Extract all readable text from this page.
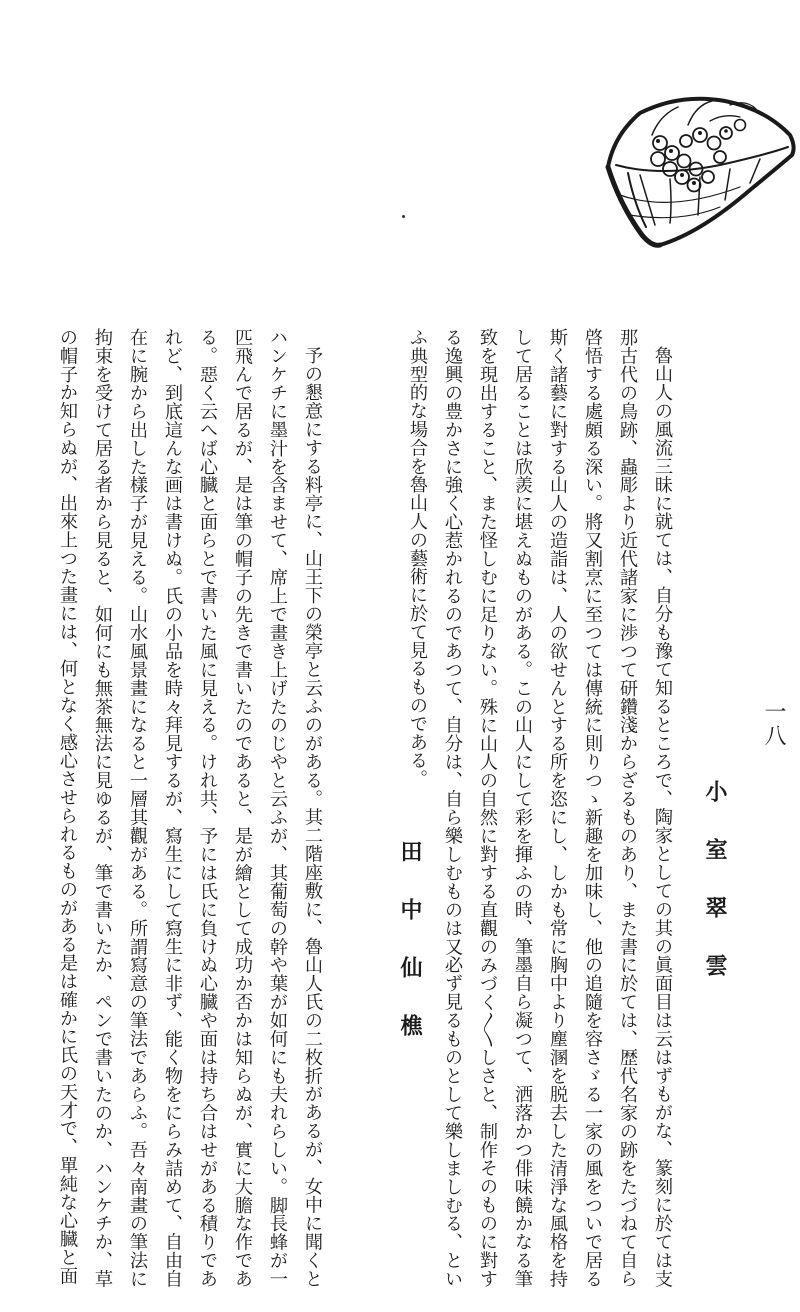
一八
小室翠雲

魯山人の風流三昧に就ては、自分も豫て知るところで、陶家としての其の眞面目は云はずもがな、篆刻に於ては支那古代の鳥跡、蟲彫より近代諸家に渉つて研鑽淺からざるものあり、また書に於ては、歴代名家の跡をたづねて自ら啓悟する處頗る深い。將又割烹に至つては傳統に則りつゝ新趣を加味し、他の追隨を容さゞる一家の風をついで居る斯く諸藝に對する山人の造詣は、人の欲せんとする所を恣にし、しかも常に胸中より塵溷を脱去した清淨な風格を持して居ることは欣羨に堪えぬものがある。この山人にして彩を揮ふの時、筆墨自ら凝つて、洒落かつ俳味饒かなる筆致を現出すること、また怪しむに足りない。殊に山人の自然に對する直觀のみづく〳〵しさと、制作そのものに對する逸興の豊かさに強く心惹かれるのであつて、自分は、自ら樂しむものは又必ず見るものとして樂しましむる、といふ典型的な場合を魯山人の藝術に於て見るものである。

田中仙樵

予の懇意にする料亭に、山王下の榮亭と云ふのがある。其二階座敷に、魯山人氏の二枚折があるが、女中に聞くとハンケチに墨汁を含ませて、席上で畫き上げたのじやと云ふが、其葡萄の幹や葉が如何にも夫れらしい。脚長蜂が一匹飛んで居るが、是は筆の帽子の先きで書いたのであると、是が繪として成功か否かは知らぬが、實に大膽な作である。惡く云へば心臓と面らとで書いた風に見える。けれ共、予には氏に負けぬ心臓や面は持ち合はせがある積りであれど、到底這んな画は書けぬ。氏の小品を時々拜見するが、寫生にして寫生に非ず、能く物をにらみ詰めて、自由自在に腕から出した樣子が見える。山水風景畫になると一層其觀がある。所謂寫意の筆法であらふ。吾々南畫の筆法に拘束を受けて居る者から見ると、如何にも無茶無法に見ゆるが、筆で書いたか、ペンで書いたのか、ハンケチか、草の帽子か知らぬが、出來上つた畫には、何となく感心させられるものがある是は確かに氏の天才で、單純な心臓と面
